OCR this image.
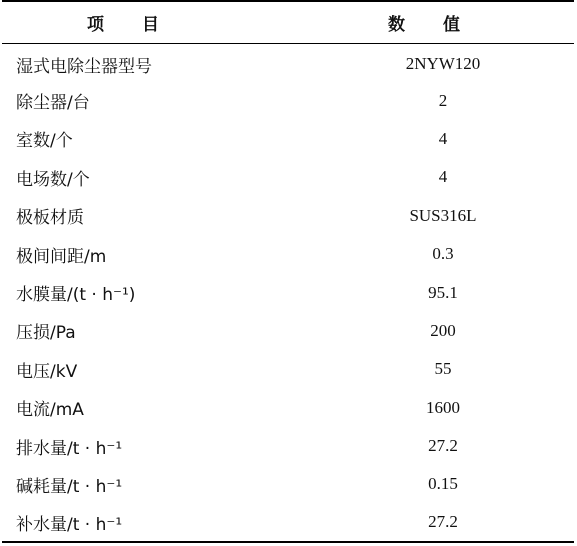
项目	数值
湿式电除尘器型号	2NYW120
除尘器/台	2
室数/个	4
电场数/个	4
极板材质	SUS316L
极间间距/m	0.3
水膜量/(t · h⁻¹)	95.1
压损/Pa	200
电压/kV	55
电流/mA	1600
排水量/t · h⁻¹	27.2
碱耗量/t · h⁻¹	0.15
补水量/t · h⁻¹	27.2
